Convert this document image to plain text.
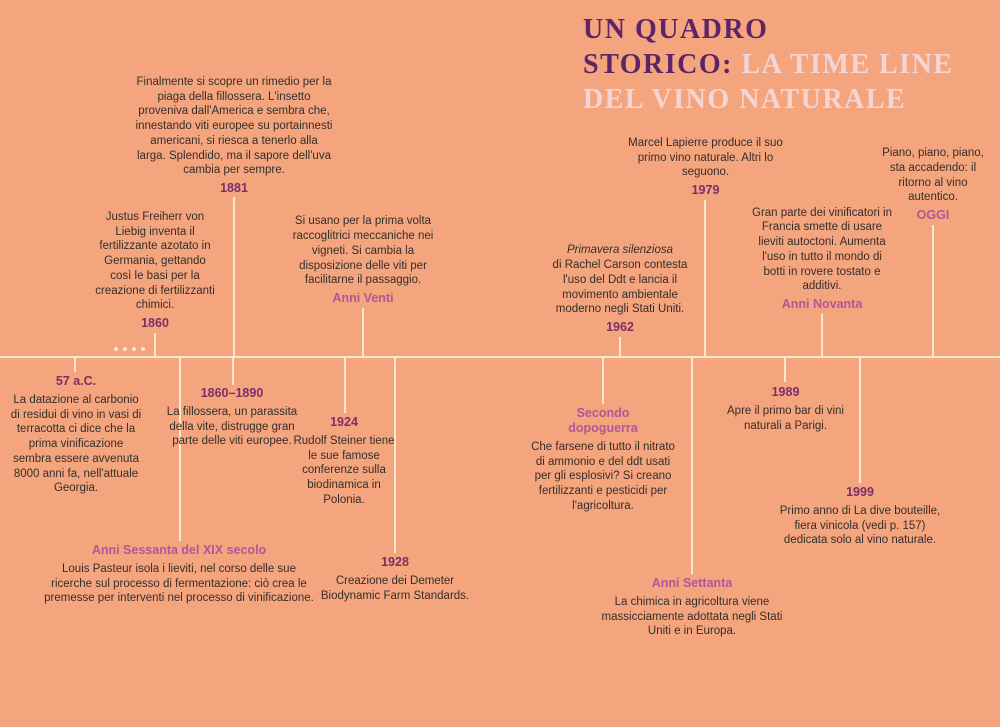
UN QUADRO
STORICO: LA TIME LINE
DEL VINO NATURALE

Finalmente si scopre un rimedio per la piaga della fillossera. L'insetto proveniva dall'America e sembra che, innestando viti europee su portainnesti americani, si riesca a tenerlo alla larga. Splendido, ma il sapore dell'uva cambia per sempre.

1881

Justus Freiherr von Liebig inventa il fertilizzante azotato in Germania, gettando così le basi per la creazione di fertilizzanti chimici.

1860

Si usano per la prima volta raccoglitrici meccaniche nei vigneti. Si cambia la disposizione delle viti per facilitarne il passaggio.

Anni Venti

Marcel Lapierre produce il suo primo vino naturale. Altri lo seguono.

1979

Primavera silenziosa
di Rachel Carson contesta l'uso del Ddt e lancia il movimento ambientale moderno negli Stati Uniti.

1962

Gran parte dei vinificatori in Francia smette di usare lieviti autoctoni. Aumenta l'uso in tutto il mondo di botti in rovere tostato e additivi.

Anni Novanta

Piano, piano, piano, sta accadendo: il ritorno al vino autentico.

OGGI
57 a.C.

La datazione al carbonio di residui di vino in vasi di terracotta ci dice che la prima vinificazione sembra essere avvenuta 8000 anni fa, nell'attuale Georgia.

1860–1890

La fillossera, un parassita della vite, distrugge gran parte delle viti europee.

1924

Rudolf Steiner tiene le sue famose conferenze sulla biodinamica in Polonia.

Anni Sessanta del XIX secolo

Louis Pasteur isola i lieviti, nel corso delle sue ricerche sul processo di fermentazione: ciò crea le premesse per interventi nel processo di vinificazione.

1928

Creazione dei Demeter Biodynamic Farm Standards.

Secondo dopoguerra

Che farsene di tutto il nitrato di ammonio e del ddt usati per gli esplosivi? Si creano fertilizzanti e pesticidi per l'agricoltura.

1989

Apre il primo bar di vini naturali a Parigi.

1999

Primo anno di La dive bouteille, fiera vinicola (vedi p. 157) dedicata solo al vino naturale.

Anni Settanta

La chimica in agricoltura viene massicciamente adottata negli Stati Uniti e in Europa.
